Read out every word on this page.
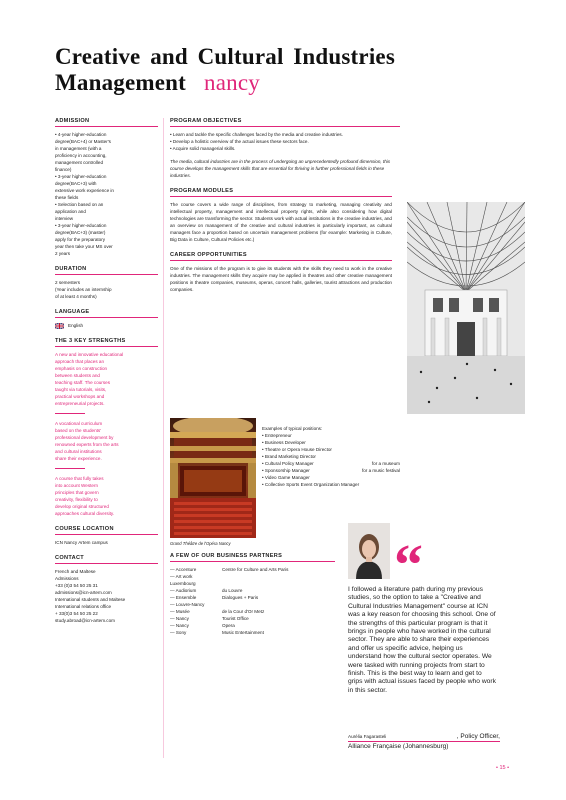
Creative and Cultural Industries
Management nancy
ADMISSION
• 4-year higher-education
degree(BAC+4) or Master's
in management (with a
proficiency in accounting,
management controlled
finance)
• 3-year higher-education
degree(BAC+3) with
extensive work experience in
these fields
• Selection based on an
application and
interview
• 3-year higher-education
degree(BAC+3) (master)
apply for the preparatory
year then take your MS over
2 years
DURATION
2 semesters
(Year includes an internship
of at least 4 months)
LANGUAGE
English
THE 3 KEY STRENGTHS
A new and innovative educational
approach that places an
emphasis on construction
between students and
teaching staff. The courses
taught via tutorials, visits,
practical workshops and
entrepreneurial projects.
A vocational curriculum
based on the students'
professional development by
renowned experts from the arts
and cultural institutions
share their experience.
A course that fully takes
into account Western
principles that govern
creativity, flexibility to
develop original structured
approaches cultural diversity.
COURSE LOCATION
ICN Nancy Artem campus
CONTACT
French and Maltese
Admissions
+33 (0)3 54 50 25 31
admissions@icn-artem.com
International students and Maltese
International relations office
+ 33(0)3 54 50 25 22
study.abroad@icn-artem.com
PROGRAM OBJECTIVES
• Learn and tackle the specific challenges faced by the media and creative industries.
• Develop a holistic overview of the actual issues these sectors face.
• Acquire solid managerial skills.
The media, cultural industries are in the process of undergoing an unprecedentedly profound dimension, this course develops the management skills that are essential for thriving in further professional fields in these industries.
PROGRAM MODULES
The course covers a wide range of disciplines, from strategy to marketing, managing creativity and intellectual property, management and intellectual property rights, while also considering how digital technologies are transforming the sector. Students work with actual institutions in the creative industries, and an overview on management of the creative and cultural industries is particularly important, as cultural managers face a proportion based on uncertain management problems (for example: Marketing in Culture, Big Data in Culture, Cultural Policies etc.)
CAREER OPPORTUNITIES
One of the missions of the program is to give its students with the skills they need to work in the creative industries. The management skills they acquire may be applied in theatres and other creative management positions in theatre companies, museums, operas, concert halls, galleries, tourist attractions and production companies.
Examples of typical positions:
• Entrepreneur
• Business Developer
• Theatre or Opera House Director
• Brand Marketing Director
• Cultural Policy Manager	for a museum
• Sponsorship Manager	for a music festival
• Video Game Manager
• Collective Sports Event Organization Manager
Grand Théâtre de l'Opéra Nancy
A FEW OF OUR BUSINESS PARTNERS
— Accenture	Centre for Culture and Arts Paris
— Art work Luxembourg
— Audiorium	du Louvre
— Ensemble	Dialogues + Paris
— Louvre-Nancy
— Musée	de la Cour d'Or Metz
— Nancy	Tourist Office
— Nancy	Opera
— Sony	Music Entertainment
“
I followed a literature path during my previous studies, so the option to take a "Creative and Cultural Industries Management" course at ICN was a key reason for choosing this school. One of the strengths of this particular program is that it brings in people who have worked in the cultural sector. They are able to share their experiences and offer us specific advice, helping us understand how the cultural sector operates. We were tasked with running projects from start to finish. This is the best way to learn and get to grips with actual issues faced by people who work in this sector.
Aurélia Fagarasteli	, Policy Officer,
Alliance Française (Johannesburg)
• 15 •
